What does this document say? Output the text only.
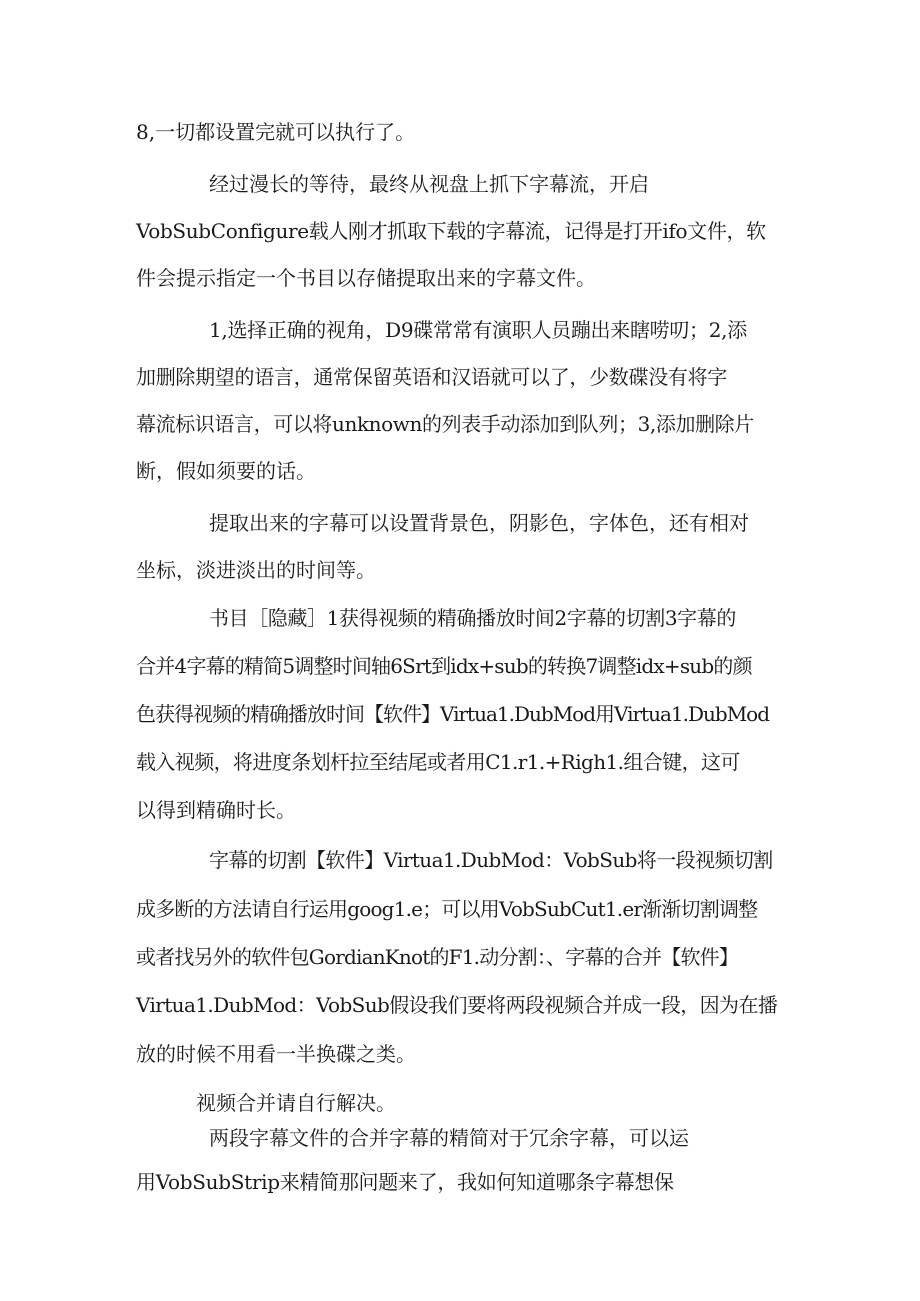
8,一切都设置完就可以执行了。
经过漫长的等待，最终从视盘上抓下字幕流，开启
VobSubConfigure载人刚才抓取下载的字幕流，记得是打开ifo文件，软
件会提示指定一个书目以存储提取出来的字幕文件。
1,选择正确的视角，D9碟常常有演职人员蹦出来瞎唠叨；2,添
加删除期望的语言，通常保留英语和汉语就可以了，少数碟没有将字
幕流标识语言，可以将unknown的列表手动添加到队列；3,添加删除片
断，假如须要的话。
提取出来的字幕可以设置背景色，阴影色，字体色，还有相对
坐标，淡进淡出的时间等。
书目［隐藏］1获得视频的精确播放时间2字幕的切割3字幕的
合并4字幕的精简5调整时间轴6Srt到idx+sub的转换7调整idx+sub的颜
色获得视频的精确播放时间【软件】Virtua1.DubMod用Virtua1.DubMod
载入视频，将进度条划杆拉至结尾或者用C1.r1.+Righ1.组合键，这可
以得到精确时长。
字幕的切割【软件】Virtua1.DubMod：VobSub将一段视频切割
成多断的方法请自行运用goog1.e；可以用VobSubCut1.er渐渐切割调整
或者找另外的软件包GordianKnot的F1.动分割：、字幕的合并【软件】
Virtua1.DubMod：VobSub假设我们要将两段视频合并成一段，因为在播
放的时候不用看一半换碟之类。
视频合并请自行解决。
两段字幕文件的合并字幕的精简对于冗余字幕，可以运
用VobSubStrip来精简那问题来了，我如何知道哪条字幕想保
